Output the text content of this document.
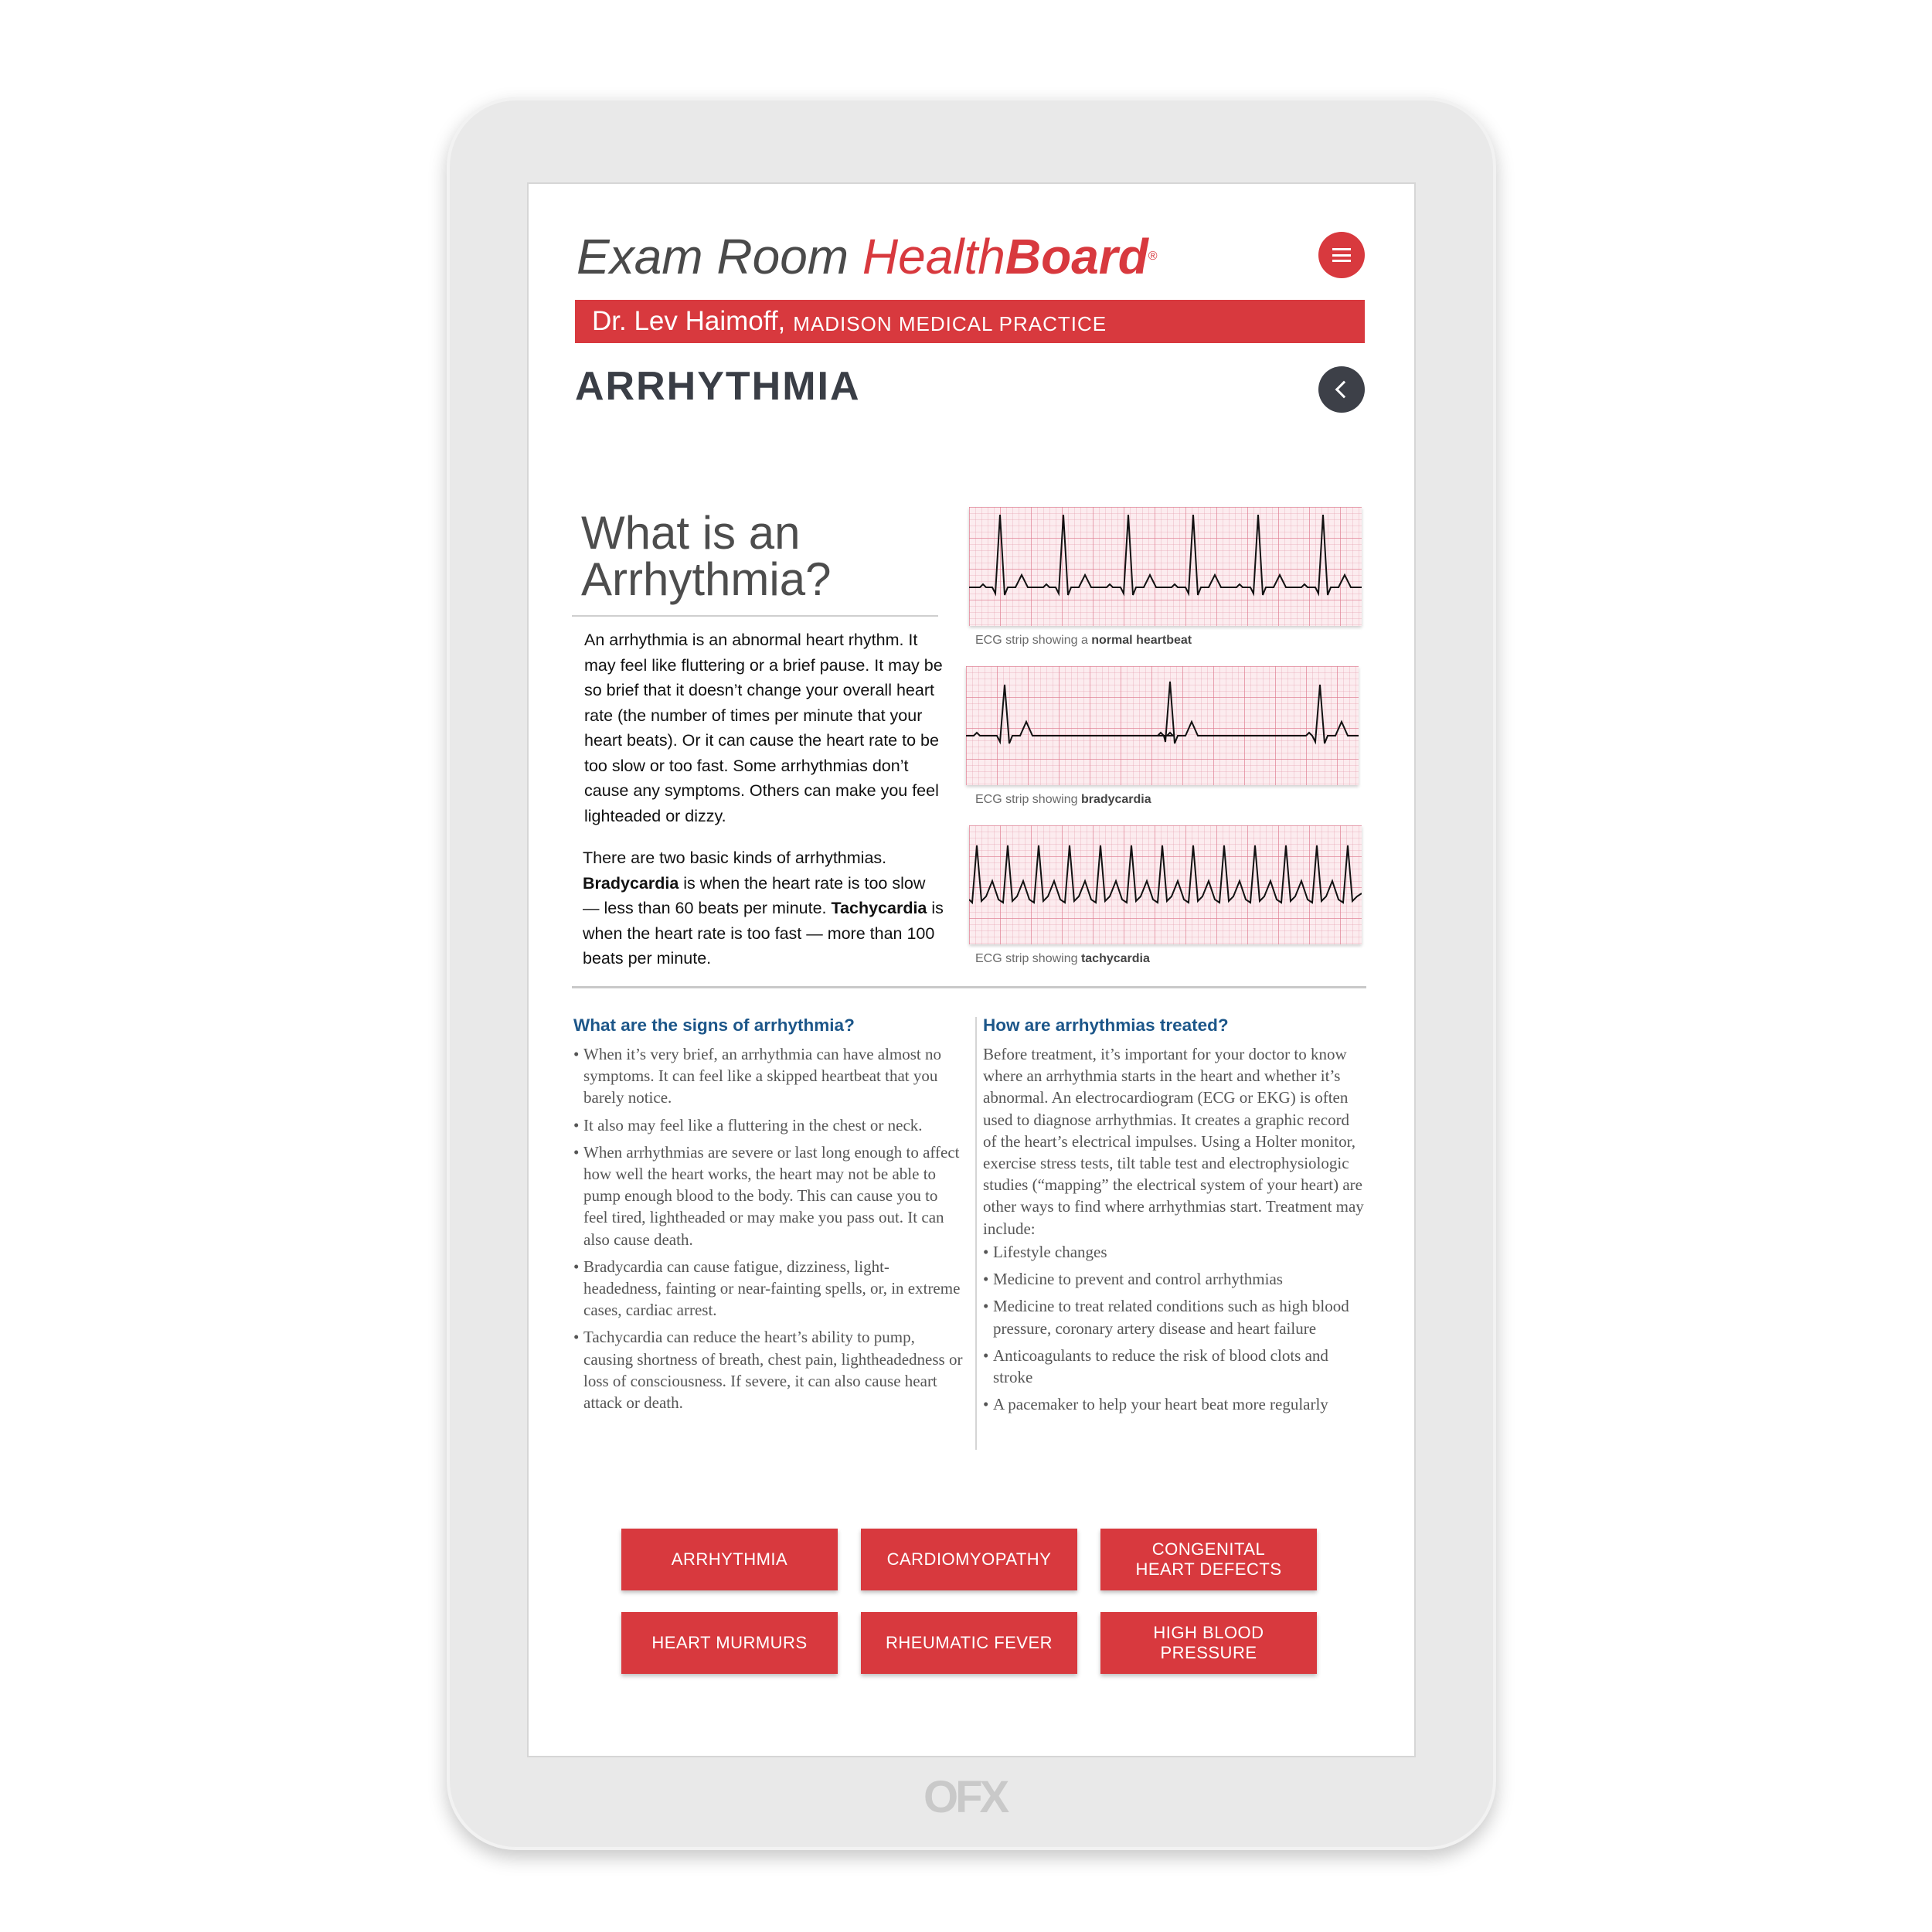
OFX
Exam Room HealthBoard®
Dr. Lev Haimoff, MADISON MEDICAL PRACTICE
ARRHYTHMIA
What is an
Arrhythmia?

An arrhythmia is an abnormal heart rhythm. It may feel like fluttering or a brief pause. It may be so brief that it doesn’t change your overall heart rate (the number of times per minute that your heart beats). Or it can cause the heart rate to be too slow or too fast. Some arrhythmias don’t cause any symptoms. Others can make you feel lighteaded or dizzy.

There are two basic kinds of arrhythmias. Bradycardia is when the heart rate is too slow — less than 60 beats per minute. Tachycardia is when the heart rate is too fast — more than 100 beats per minute.

ECG strip showing a normal heartbeat
ECG strip showing bradycardia
ECG strip showing tachycardia
What are the signs of arrhythmia?
• When it’s very brief, an arrhythmia can have almost no symptoms. It can feel like a skipped heartbeat that you barely notice.
• It also may feel like a fluttering in the chest or neck.
• When arrhythmias are severe or last long enough to affect how well the heart works, the heart may not be able to pump enough blood to the body. This can cause you to feel tired, lightheaded or may make you pass out. It can also cause death.
• Bradycardia can cause fatigue, dizziness, light-headedness, fainting or near-fainting spells, or, in extreme cases, cardiac arrest.
• Tachycardia can reduce the heart’s ability to pump, causing shortness of breath, chest pain, lightheadedness or loss of consciousness. If severe, it can also cause heart attack or death.
How are arrhythmias treated?

Before treatment, it’s important for your doctor to know where an arrhythmia starts in the heart and whether it’s abnormal. An electrocardiogram (ECG or EKG) is often used to diagnose arrhythmias. It creates a graphic record of the heart’s electrical impulses. Using a Holter monitor, exercise stress tests, tilt table test and electrophysiologic studies (“mapping” the electrical system of your heart) are other ways to find where arrhythmias start. Treatment may include:

• Lifestyle changes
• Medicine to prevent and control arrhythmias
• Medicine to treat related conditions such as high blood pressure, coronary artery disease and heart failure
• Anticoagulants to reduce the risk of blood clots and stroke
• A pacemaker to help your heart beat more regularly
ARRHYTHMIA	CARDIOMYOPATHY
CONGENITAL HEART DEFECTS
HEART MURMURS	RHEUMATIC FEVER
HIGH BLOOD PRESSURE
